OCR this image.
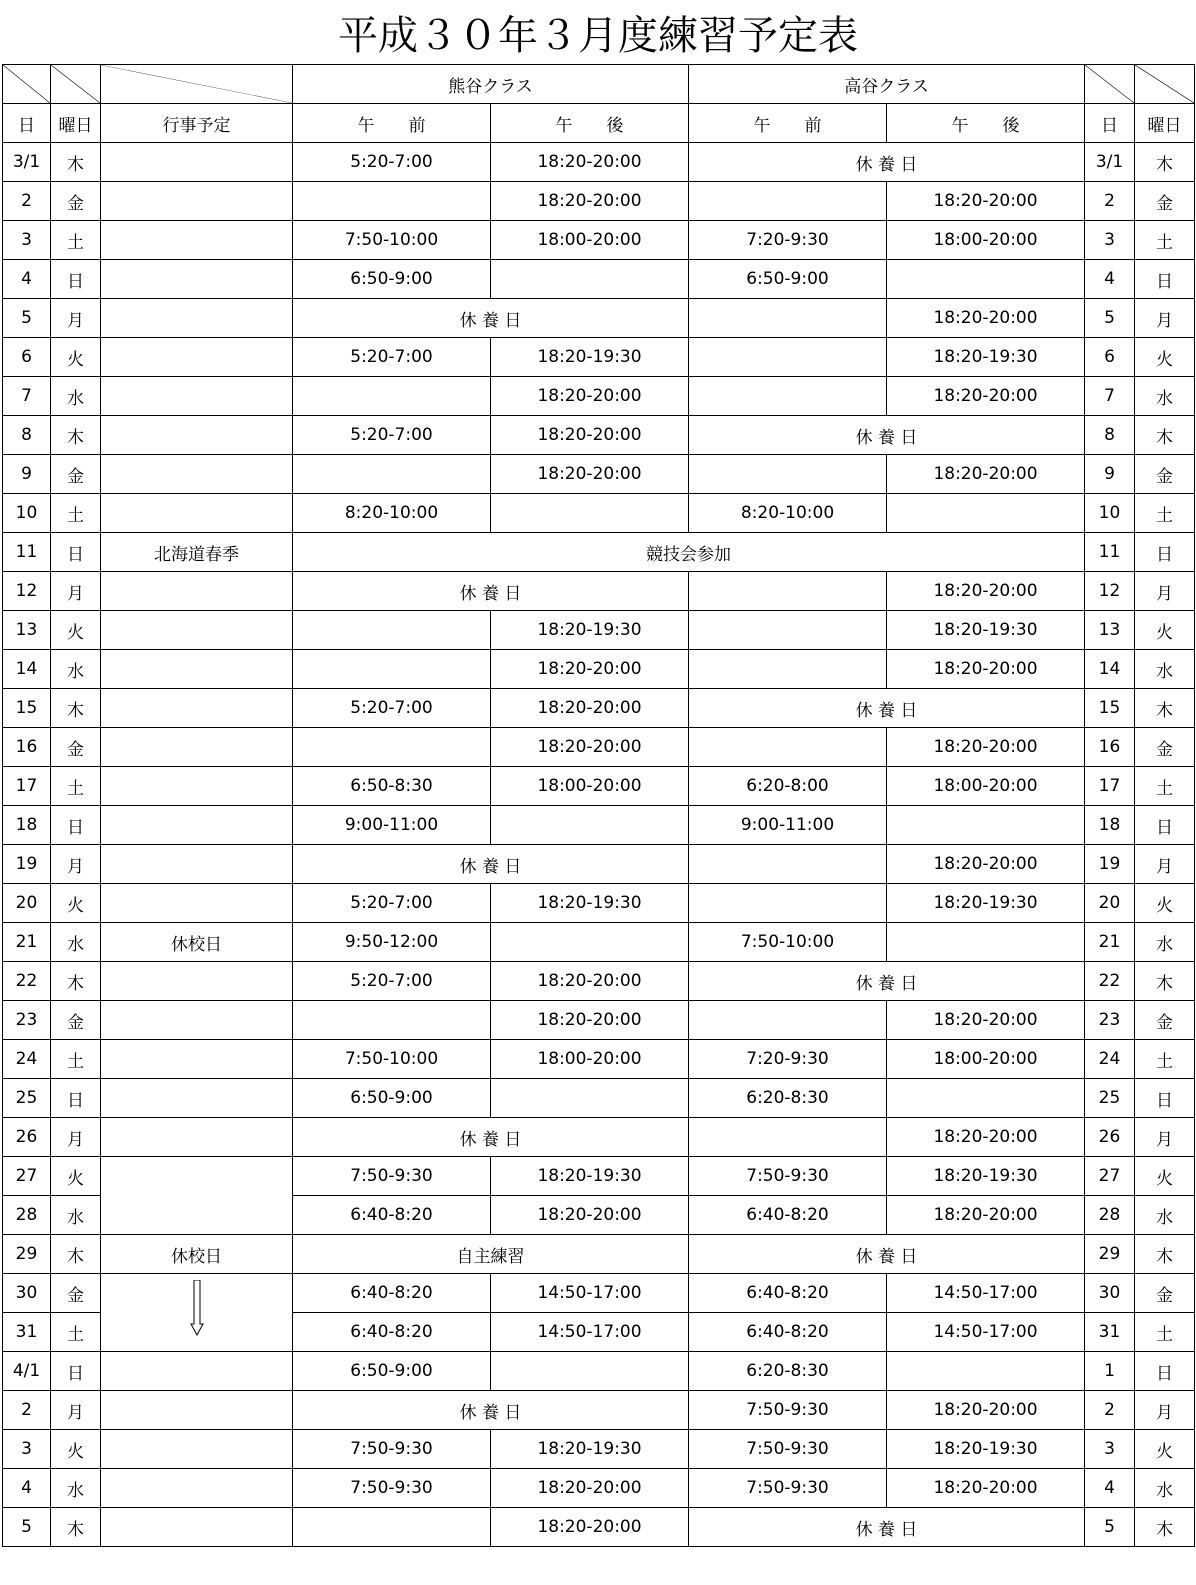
平成３０年３月度練習予定表

	熊谷クラス		高谷クラス	

日	曜日	行事予定	午　　前	午　　後	午　　前	午　　後	日	曜日
3/1	木		5:20-7:00	18:20-20:00	休 養 日		3/1	木
2	金			18:20-20:00		18:20-20:00	2	金
3	土		7:50-10:00	18:00-20:00	7:20-9:30	18:00-20:00	3	土
4	日		6:50-9:00		6:50-9:00		4	日
5	月		休 養 日			18:20-20:00	5	月
6	火		5:20-7:00	18:20-19:30		18:20-19:30	6	火
7	水			18:20-20:00		18:20-20:00	7	水
8	木		5:20-7:00	18:20-20:00	休 養 日		8	木
9	金			18:20-20:00		18:20-20:00	9	金
10	土		8:20-10:00		8:20-10:00		10	土
11	日	北海道春季	競技会参加				11	日
12	月		休 養 日			18:20-20:00	12	月
13	火			18:20-19:30		18:20-19:30	13	火
14	水			18:20-20:00		18:20-20:00	14	水
15	木		5:20-7:00	18:20-20:00	休 養 日		15	木
16	金			18:20-20:00		18:20-20:00	16	金
17	土		6:50-8:30	18:00-20:00	6:20-8:00	18:00-20:00	17	土
18	日		9:00-11:00		9:00-11:00		18	日
19	月		休 養 日			18:20-20:00	19	月
20	火		5:20-7:00	18:20-19:30		18:20-19:30	20	火
21	水	休校日	9:50-12:00		7:50-10:00		21	水
22	木		5:20-7:00	18:20-20:00	休 養 日		22	木
23	金			18:20-20:00		18:20-20:00	23	金
24	土		7:50-10:00	18:00-20:00	7:20-9:30	18:00-20:00	24	土
25	日		6:50-9:00		6:20-8:30		25	日
26	月		休 養 日			18:20-20:00	26	月
27	火		7:50-9:30	18:20-19:30	7:50-9:30	18:20-19:30	27	火
28	水		6:40-8:20	18:20-20:00	6:40-8:20	18:20-20:00	28	水
29	木	休校日	自主練習		休 養 日		29	木
30	金		6:40-8:20	14:50-17:00	6:40-8:20	14:50-17:00	30	金
31	土		6:40-8:20	14:50-17:00	6:40-8:20	14:50-17:00	31	土
4/1	日		6:50-9:00		6:20-8:30		1	日
2	月		休 養 日		7:50-9:30	18:20-20:00	2	月
3	火		7:50-9:30	18:20-19:30	7:50-9:30	18:20-19:30	3	火
4	水		7:50-9:30	18:20-20:00	7:50-9:30	18:20-20:00	4	水
5	木			18:20-20:00	休 養 日		5	木
